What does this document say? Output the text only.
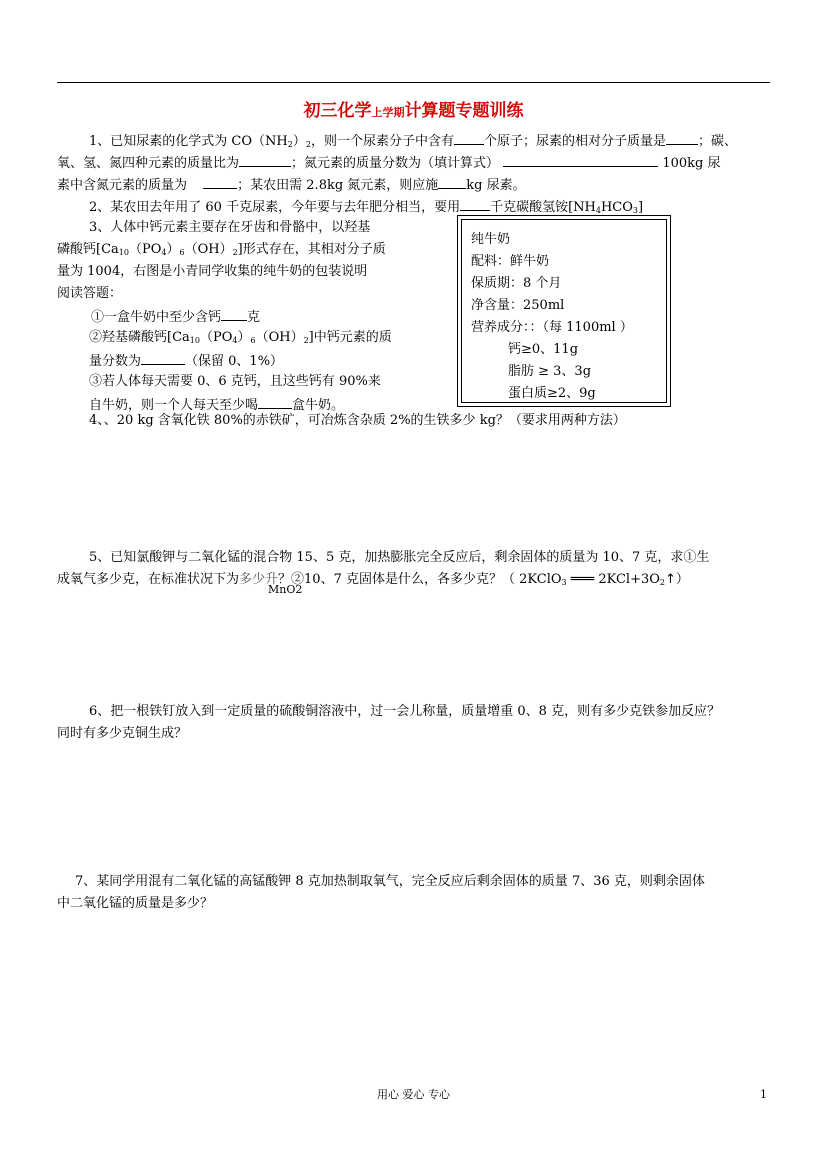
初三化学上学期计算题专题训练
1、已知尿素的化学式为 $CO(NH_2)_2$，则一个尿素分子中含有 个原子；尿素的相对分子质量是 ；碳、
氧、氢、氮四种元素的质量比为	；氮元素的质量分数为（填计算式）	100kg 尿
素中含氮元素的质量为	；某农田需 2.8kg 氮元素，则应施 kg 尿素。
2、某农田去年用了 60 千克尿素，今年要与去年肥分相当，要用 千克碳酸氢铵$[NH_4HCO_3]$
3、人体中钙元素主要存在牙齿和骨骼中，以羟基
磷酸钙$[Ca_{10}(PO_4)_6(OH)_2]$形式存在，其相对分子质
量为 1004，右图是小青同学收集的纯牛奶的包装说明
阅读答题：
①一盒牛奶中至少含钙 克
②羟基磷酸钙$[Ca_{10}(PO_4)_6(OH)_2]$中钙元素的质
量分数为	（保留 0、1%）
③若人体每天需要 0、6 克钙，且这些钙有 90%来
自牛奶，则一个人每天至少喝	盒牛奶。
纯牛奶
配料：鲜牛奶
保质期：8 个月
净含量：250ml
营养成分：：（每 1100ml ）
钙≥0、11g
脂肪 ≥ 3、3g
蛋白质≥2、9g
4、、20 kg 含氧化铁 80%的赤铁矿，可冶炼含杂质 2%的生铁多少 kg？（要求用两种方法）
5、已知氯酸钾与二氧化锰的混合物 15、5 克，加热膨胀完全反应后，剩余固体的质量为 10、7 克，求①生
成氧气多少克，在标准状况下为多少升？②10、7 克固体是什么，各多少克？（ 2KClO$_3$ ═══ $2KCl+3O_2↑$）
MnO2
6、把一根铁钉放入到一定质量的硫酸铜溶液中，过一会儿称量，质量增重 0、8 克，则有多少克铁参加反应？
同时有多少克铜生成？
7、某同学用混有二氧化锰的高锰酸钾 8 克加热制取氧气，完全反应后剩余固体的质量 7、36 克，则剩余固体
中二氧化锰的质量是多少？
用心 爱心 专心	1
